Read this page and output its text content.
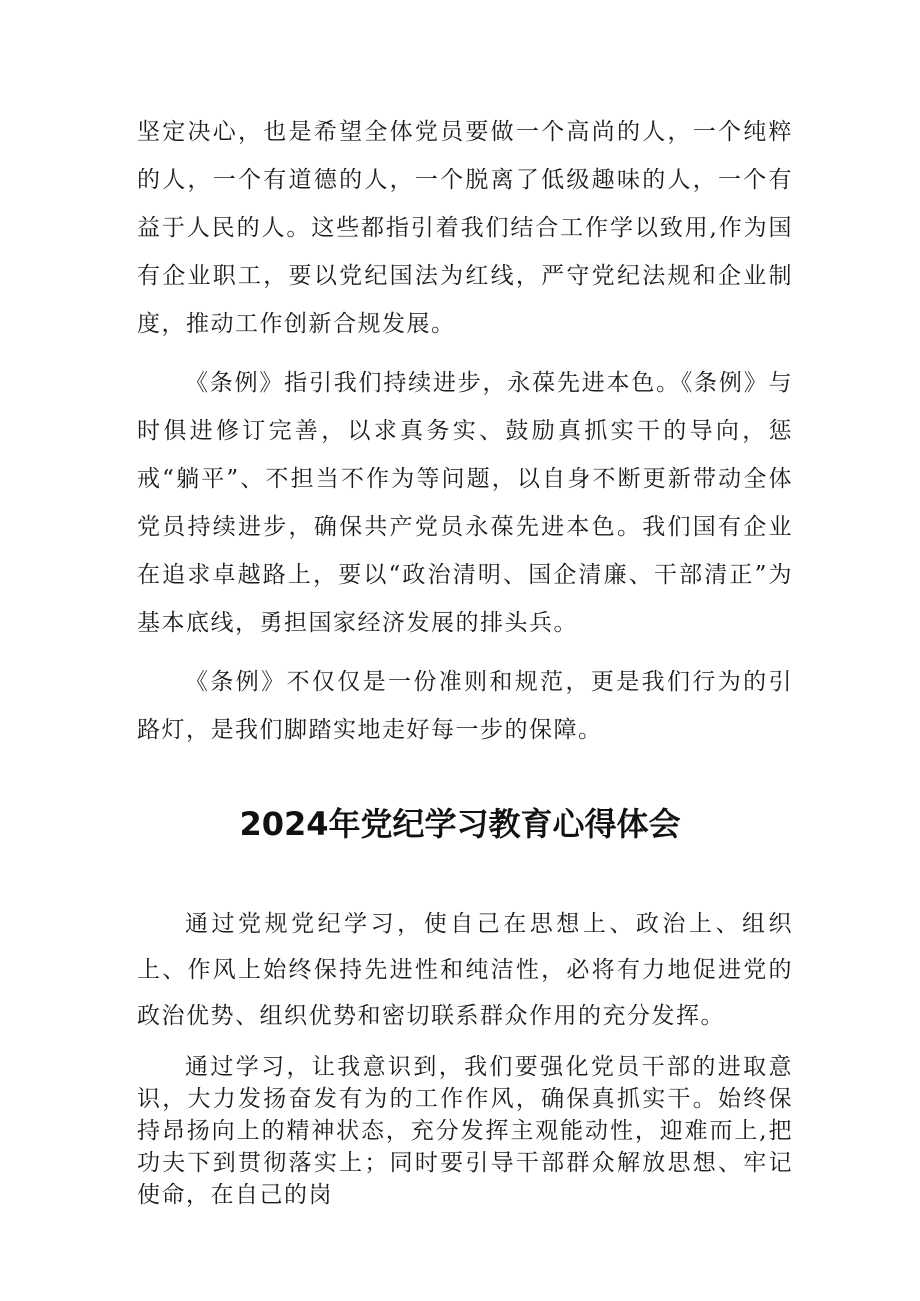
坚定决心，也是希望全体党员要做一个高尚的人，一个纯粹的人，一个有道德的人，一个脱离了低级趣味的人，一个有益于人民的人。这些都指引着我们结合工作学以致用,作为国有企业职工，要以党纪国法为红线，严守党纪法规和企业制度，推动工作创新合规发展。

《条例》指引我们持续进步，永葆先进本色。《条例》与时俱进修订完善，以求真务实、鼓励真抓实干的导向，惩戒“躺平”、不担当不作为等问题，以自身不断更新带动全体党员持续进步，确保共产党员永葆先进本色。我们国有企业在追求卓越路上，要以“政治清明、国企清廉、干部清正”为基本底线，勇担国家经济发展的排头兵。

《条例》不仅仅是一份准则和规范，更是我们行为的引路灯，是我们脚踏实地走好每一步的保障。

2024年党纪学习教育心得体会

通过党规党纪学习，使自己在思想上、政治上、组织上、作风上始终保持先进性和纯洁性，必将有力地促进党的政治优势、组织优势和密切联系群众作用的充分发挥。

通过学习，让我意识到，我们要强化党员干部的进取意识，大力发扬奋发有为的工作作风，确保真抓实干。始终保持昂扬向上的精神状态，充分发挥主观能动性，迎难而上,把功夫下到贯彻落实上；同时要引导干部群众解放思想、牢记使命，在自己的岗
